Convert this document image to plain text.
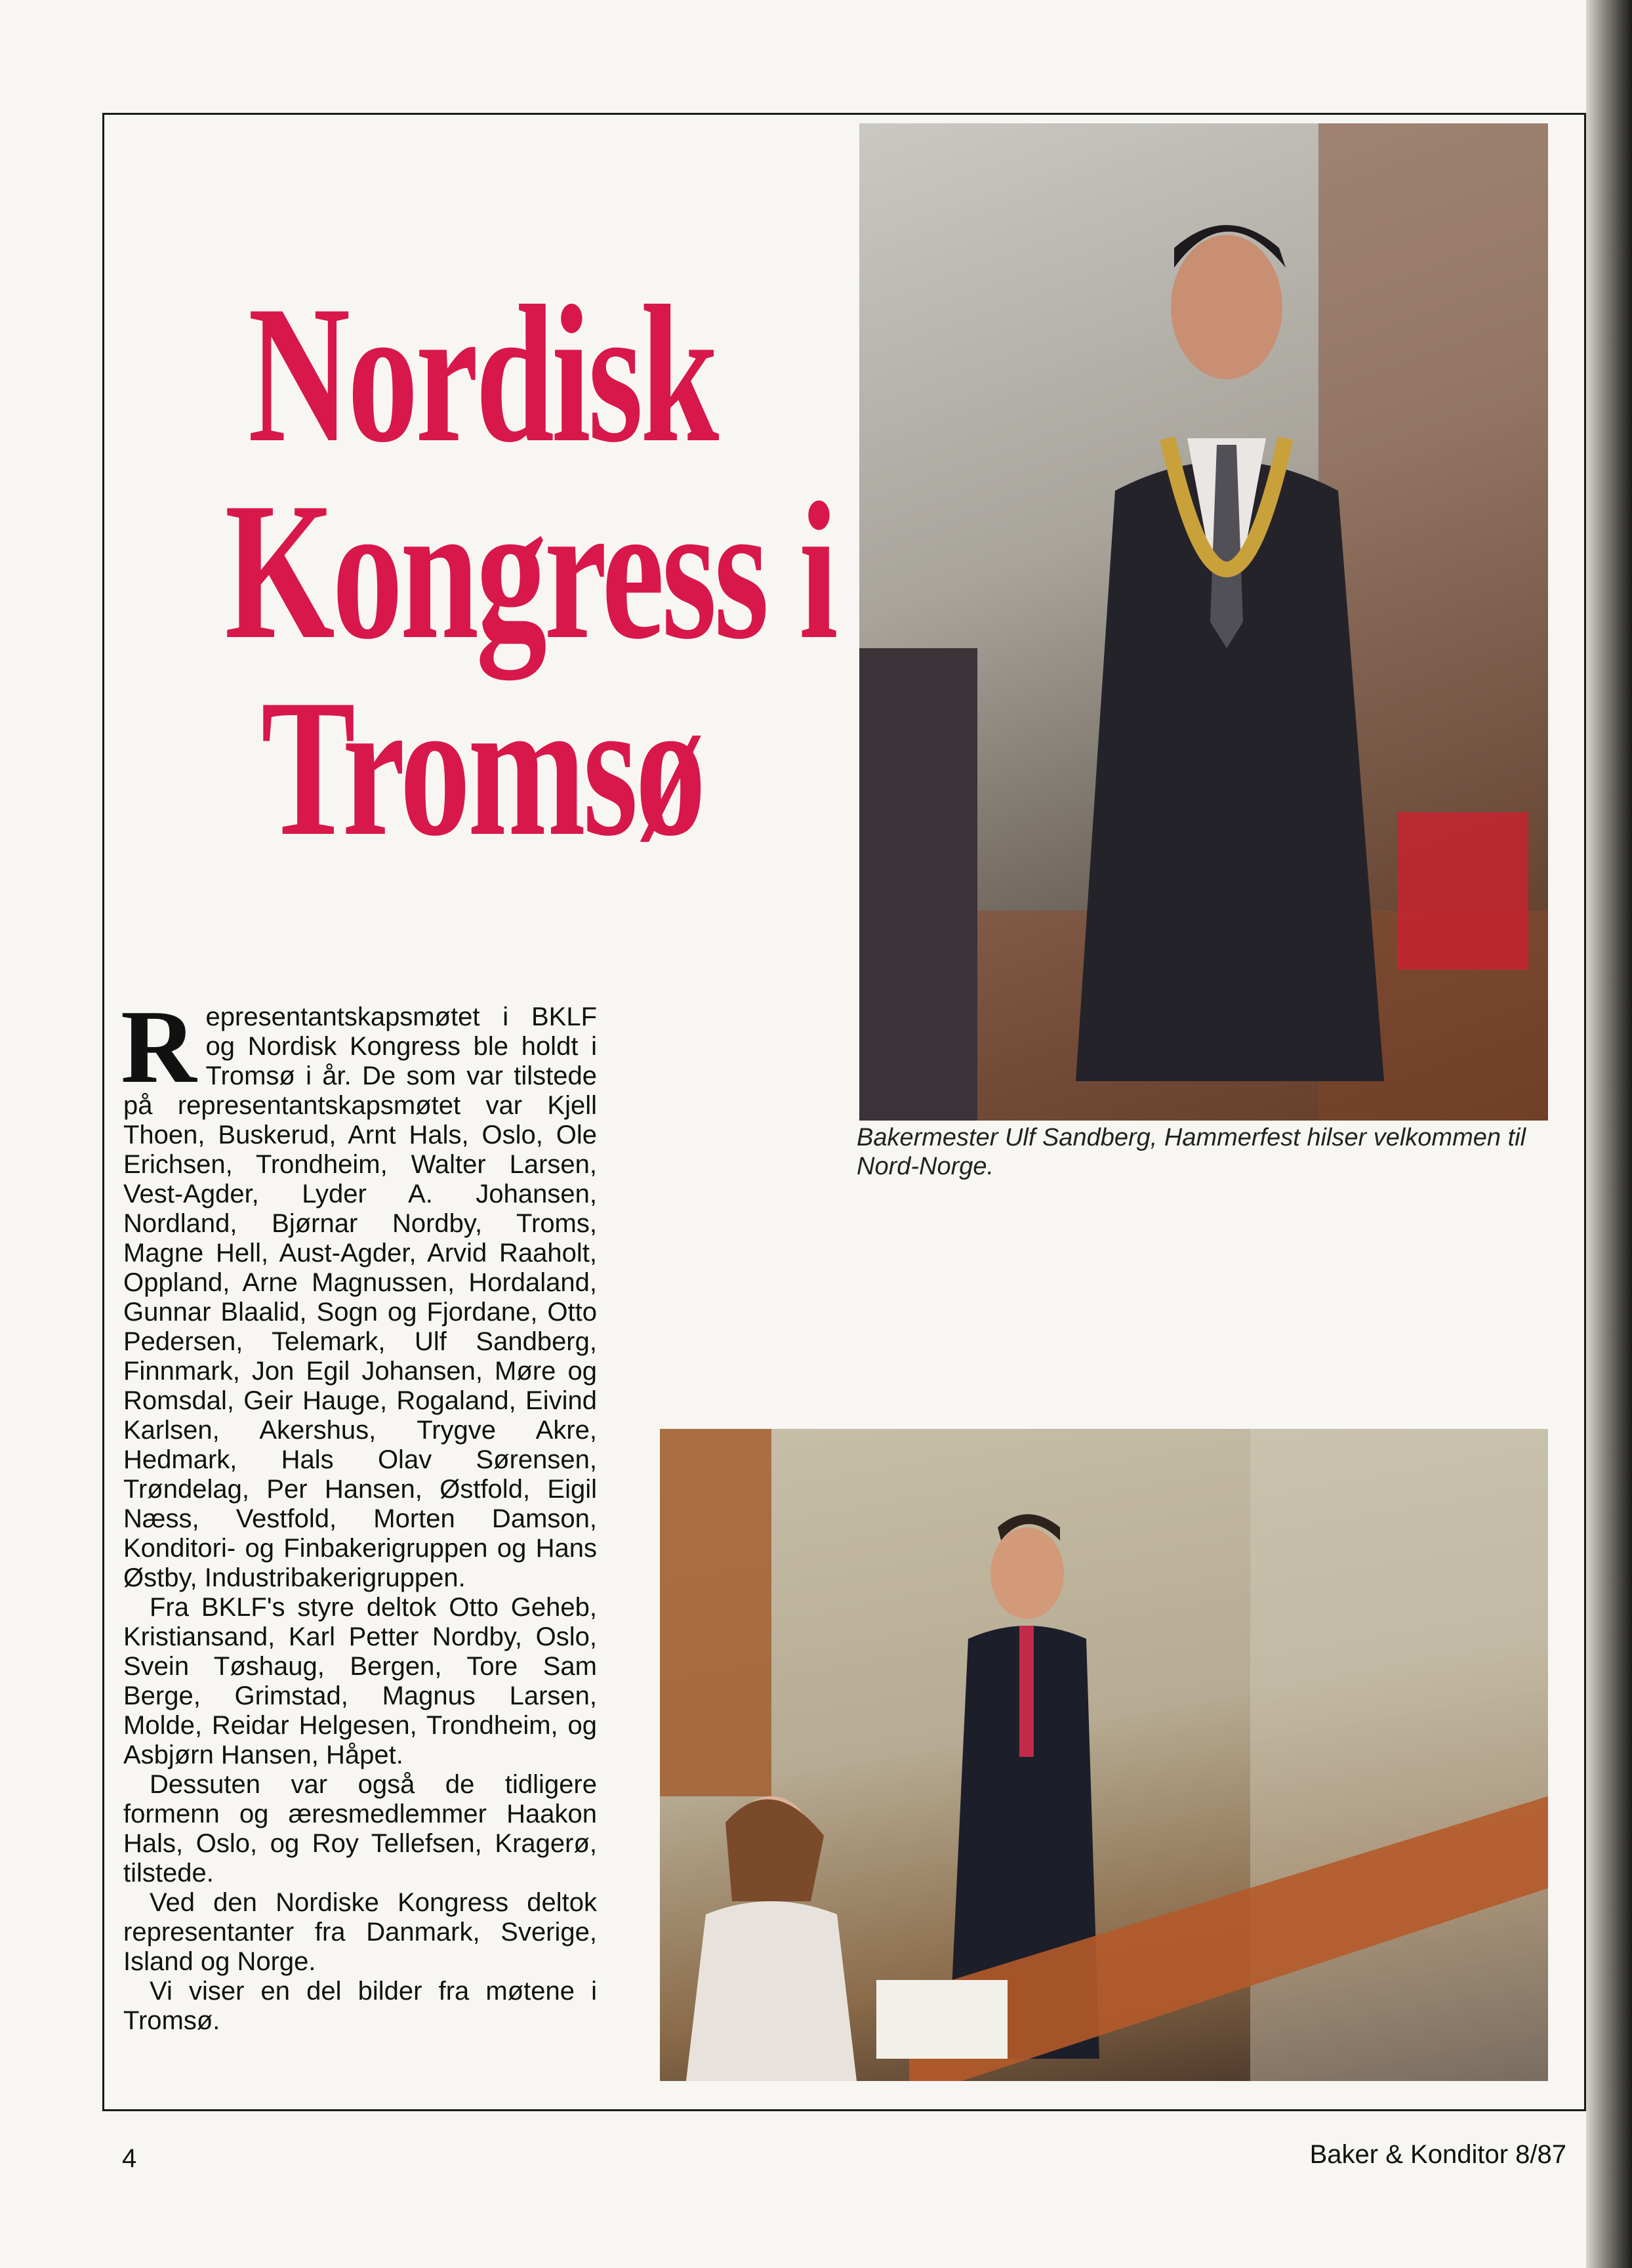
Nordisk
Kongress i
Tromsø

Representantskapsmøtet i BKLF og Nordisk Kongress ble holdt i Tromsø i år. De som var tilstede på representantskapsmøtet var Kjell Thoen, Buskerud, Arnt Hals, Oslo, Ole Erichsen, Trondheim, Walter Larsen, Vest-Agder, Lyder A. Johansen, Nordland, Bjørnar Nordby, Troms, Magne Hell, Aust-Agder, Arvid Raaholt, Oppland, Arne Magnussen, Hordaland, Gunnar Blaalid, Sogn og Fjordane, Otto Pedersen, Telemark, Ulf Sandberg, Finnmark, Jon Egil Johansen, Møre og Romsdal, Geir Hauge, Rogaland, Eivind Karlsen, Akershus, Trygve Akre, Hedmark, Hals Olav Sørensen, Trøndelag, Per Hansen, Østfold, Eigil Næss, Vestfold, Morten Damson, Konditori- og Finbakerigruppen og Hans Østby, Industribakerigruppen.

Fra BKLF's styre deltok Otto Geheb, Kristiansand, Karl Petter Nordby, Oslo, Svein Tøshaug, Bergen, Tore Sam Berge, Grimstad, Magnus Larsen, Molde, Reidar Helgesen, Trondheim, og Asbjørn Hansen, Håpet.

Dessuten var også de tidligere formenn og æresmedlemmer Haakon Hals, Oslo, og Roy Tellefsen, Kragerø, tilstede.

Ved den Nordiske Kongress deltok representanter fra Danmark, Sverige, Island og Norge.

Vi viser en del bilder fra møtene i Tromsø.

Bakermester Ulf Sandberg, Hammerfest hilser velkommen til Nord-Norge.
4	Baker & Konditor 8/87
